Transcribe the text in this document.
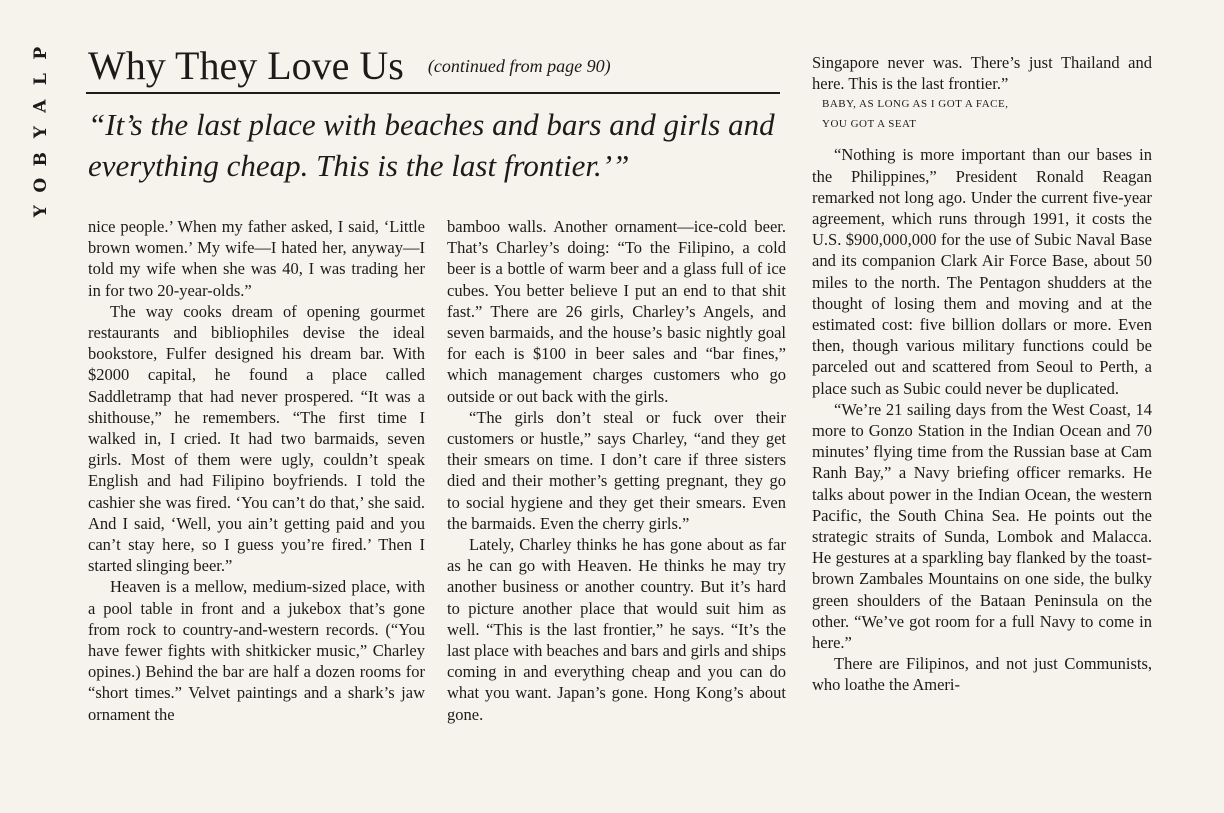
P
L
A
Y
B
O
Y
Why They Love Us (continued from page 90)
“It’s the last place with beaches and bars and girls and everything cheap. This is the last frontier.’”

nice people.’ When my father asked, I said, ‘Little brown women.’ My wife—I hated her, anyway—I told my wife when she was 40, I was trading her in for two 20-year-olds.”

The way cooks dream of opening gourmet restaurants and bibliophiles devise the ideal bookstore, Fulfer designed his dream bar. With $2000 capital, he found a place called Saddletramp that had never prospered. “It was a shithouse,” he remembers. “The first time I walked in, I cried. It had two barmaids, seven girls. Most of them were ugly, couldn’t speak English and had Filipino boyfriends. I told the cashier she was fired. ‘You can’t do that,’ she said. And I said, ‘Well, you ain’t getting paid and you can’t stay here, so I guess you’re fired.’ Then I started slinging beer.”

Heaven is a mellow, medium-sized place, with a pool table in front and a jukebox that’s gone from rock to country-and-western records. (“You have fewer fights with shitkicker music,” Charley opines.) Behind the bar are half a dozen rooms for “short times.” Velvet paintings and a shark’s jaw ornament the

bamboo walls. Another ornament—ice-cold beer. That’s Charley’s doing: “To the Filipino, a cold beer is a bottle of warm beer and a glass full of ice cubes. You better believe I put an end to that shit fast.” There are 26 girls, Charley’s Angels, and seven barmaids, and the house’s basic nightly goal for each is $100 in beer sales and “bar fines,” which management charges customers who go outside or out back with the girls.

“The girls don’t steal or fuck over their customers or hustle,” says Charley, “and they get their smears on time. I don’t care if three sisters died and their mother’s getting pregnant, they go to social hygiene and they get their smears. Even the barmaids. Even the cherry girls.”

Lately, Charley thinks he has gone about as far as he can go with Heaven. He thinks he may try another business or another country. But it’s hard to picture another place that would suit him as well. “This is the last frontier,” he says. “It’s the last place with beaches and bars and girls and ships coming in and everything cheap and you can do what you want. Japan’s gone. Hong Kong’s about gone.

Singapore never was. There’s just Thailand and here. This is the last frontier.”

BABY, AS LONG AS I GOT A FACE,
YOU GOT A SEAT

“Nothing is more important than our bases in the Philippines,” President Ronald Reagan remarked not long ago. Under the current five-year agreement, which runs through 1991, it costs the U.S. $900,000,000 for the use of Subic Naval Base and its companion Clark Air Force Base, about 50 miles to the north. The Pentagon shudders at the thought of losing them and moving and at the estimated cost: five billion dollars or more. Even then, though various military functions could be parceled out and scattered from Seoul to Perth, a place such as Subic could never be duplicated.

“We’re 21 sailing days from the West Coast, 14 more to Gonzo Station in the Indian Ocean and 70 minutes’ flying time from the Russian base at Cam Ranh Bay,” a Navy briefing officer remarks. He talks about power in the Indian Ocean, the western Pacific, the South China Sea. He points out the strategic straits of Sunda, Lombok and Malacca. He gestures at a sparkling bay flanked by the toast-brown Zambales Mountains on one side, the bulky green shoulders of the Bataan Peninsula on the other. “We’ve got room for a full Navy to come in here.”

There are Filipinos, and not just Communists, who loathe the Ameri-
